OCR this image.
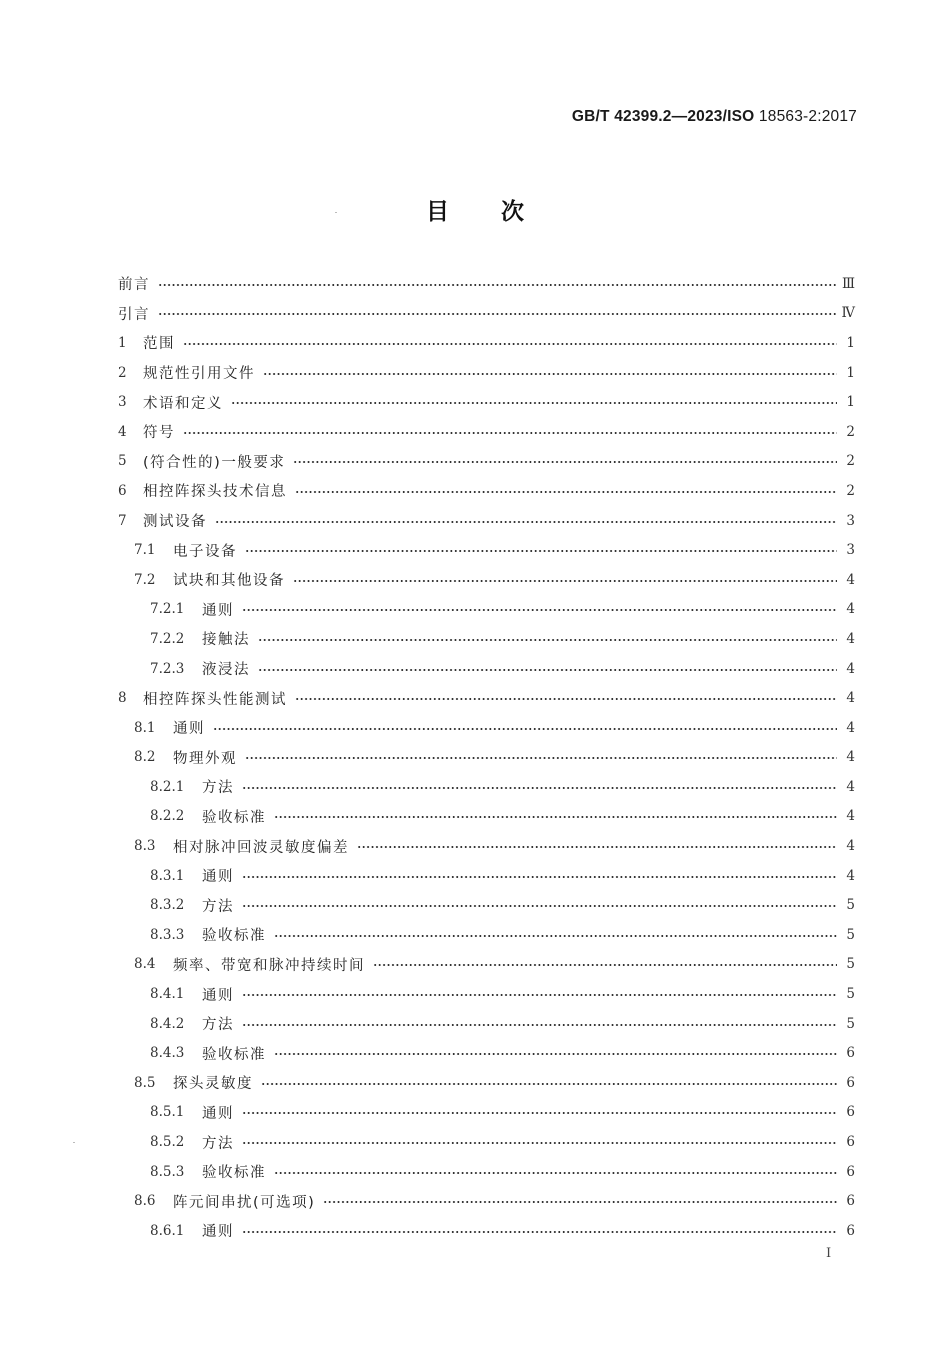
GB/T 42399.2—2023/ISO 18563-2:2017
目 次
前言	Ⅲ
引言	Ⅳ
1	范围	1
2	规范性引用文件	1
3	术语和定义	1
4	符号	2
5	(符合性的)一般要求	2
6	相控阵探头技术信息	2
7	测试设备	3
7.1	电子设备	3
7.2	试块和其他设备	4
7.2.1	通则	4
7.2.2	接触法	4
7.2.3	液浸法	4
8	相控阵探头性能测试	4
8.1	通则	4
8.2	物理外观	4
8.2.1	方法	4
8.2.2	验收标准	4
8.3	相对脉冲回波灵敏度偏差	4
8.3.1	通则	4
8.3.2	方法	5
8.3.3	验收标准	5
8.4	频率、带宽和脉冲持续时间	5
8.4.1	通则	5
8.4.2	方法	5
8.4.3	验收标准	6
8.5	探头灵敏度	6
8.5.1	通则	6
8.5.2	方法	6
8.5.3	验收标准	6
8.6	阵元间串扰(可选项)	6
8.6.1	通则	6
I
